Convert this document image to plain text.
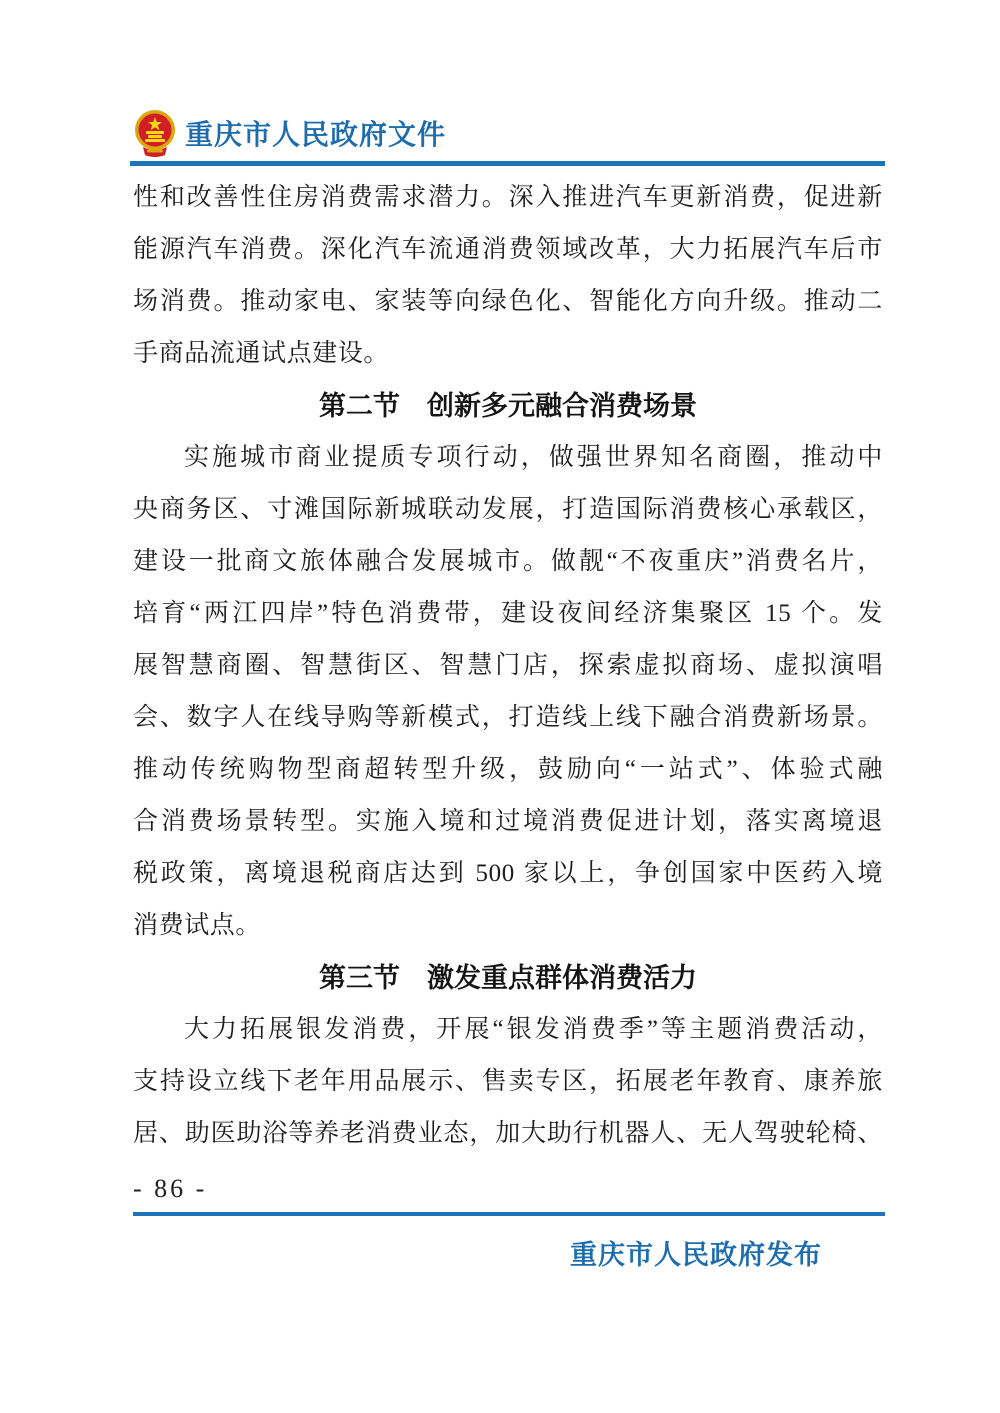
重庆市人民政府文件
性和改善性住房消费需求潜力。深入推进汽车更新消费，促进新
能源汽车消费。深化汽车流通消费领域改革，大力拓展汽车后市
场消费。推动家电、家装等向绿色化、智能化方向升级。推动二
手商品流通试点建设。
第二节　创新多元融合消费场景
实施城市商业提质专项行动，做强世界知名商圈，推动中
央商务区、寸滩国际新城联动发展，打造国际消费核心承载区，
建设一批商文旅体融合发展城市。做靓“不夜重庆”消费名片，
培育“两江四岸”特色消费带，建设夜间经济集聚区 15 个。发
展智慧商圈、智慧街区、智慧门店，探索虚拟商场、虚拟演唱
会、数字人在线导购等新模式，打造线上线下融合消费新场景。
推动传统购物型商超转型升级，鼓励向“一站式”、体验式融
合消费场景转型。实施入境和过境消费促进计划，落实离境退
税政策，离境退税商店达到 500 家以上，争创国家中医药入境
消费试点。
第三节　激发重点群体消费活力
大力拓展银发消费，开展“银发消费季”等主题消费活动，
支持设立线下老年用品展示、售卖专区，拓展老年教育、康养旅
居、助医助浴等养老消费业态，加大助行机器人、无人驾驶轮椅、
- 86 -
重庆市人民政府发布
